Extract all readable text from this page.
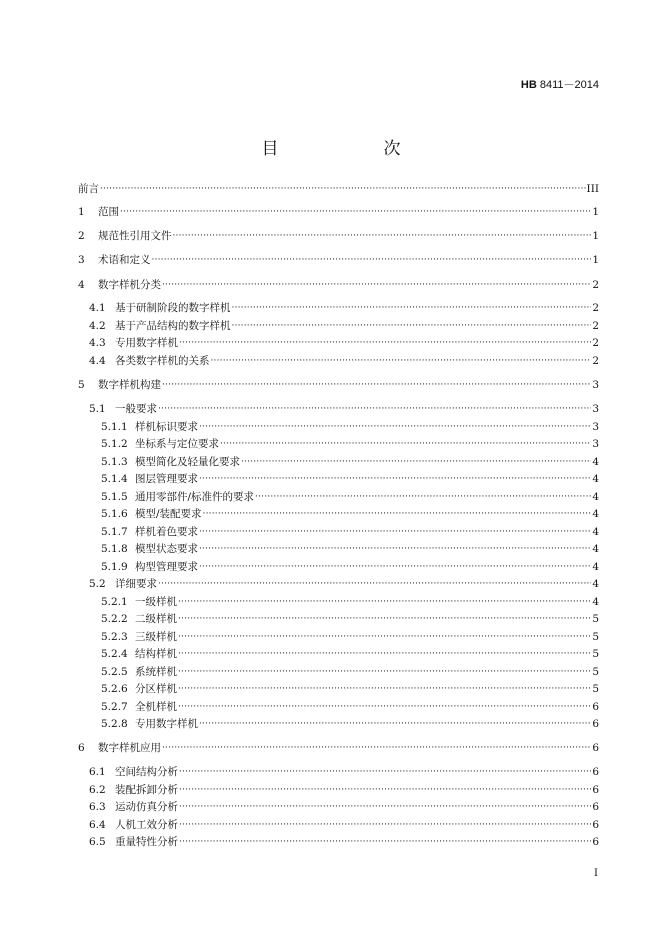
HB 8411－2014
目　次
前言 ·····	III
1	范围 ·····	1
2	规范性引用文件 ·····	1
3	术语和定义 ·····	1
4	数字样机分类 ·····	2
4.1 基于研制阶段的数字样机 ·····	2
4.2 基于产品结构的数字样机 ·····	2
4.3 专用数字样机 ·····	2
4.4 各类数字样机的关系 ·····	2
5	数字样机构建 ·····	3
5.1 一般要求 ·····	3
5.1.1 样机标识要求 ·····	3
5.1.2 坐标系与定位要求 ·····	3
5.1.3 模型简化及轻量化要求 ·····	4
5.1.4 图层管理要求 ·····	4
5.1.5 通用零部件/标准件的要求 ·····	4
5.1.6 模型/装配要求 ·····	4
5.1.7 样机着色要求 ·····	4
5.1.8 模型状态要求 ·····	4
5.1.9 构型管理要求 ·····	4
5.2 详细要求 ·····	4
5.2.1 一级样机 ·····	4
5.2.2 二级样机 ·····	5
5.2.3 三级样机 ·····	5
5.2.4 结构样机 ·····	5
5.2.5 系统样机 ·····	5
5.2.6 分区样机 ·····	5
5.2.7 全机样机 ·····	6
5.2.8 专用数字样机 ·····	6
6	数字样机应用 ·····	6
6.1 空间结构分析 ·····	6
6.2 装配拆卸分析 ·····	6
6.3 运动仿真分析 ·····	6
6.4 人机工效分析 ·····	6
6.5 重量特性分析 ·····	6
I
